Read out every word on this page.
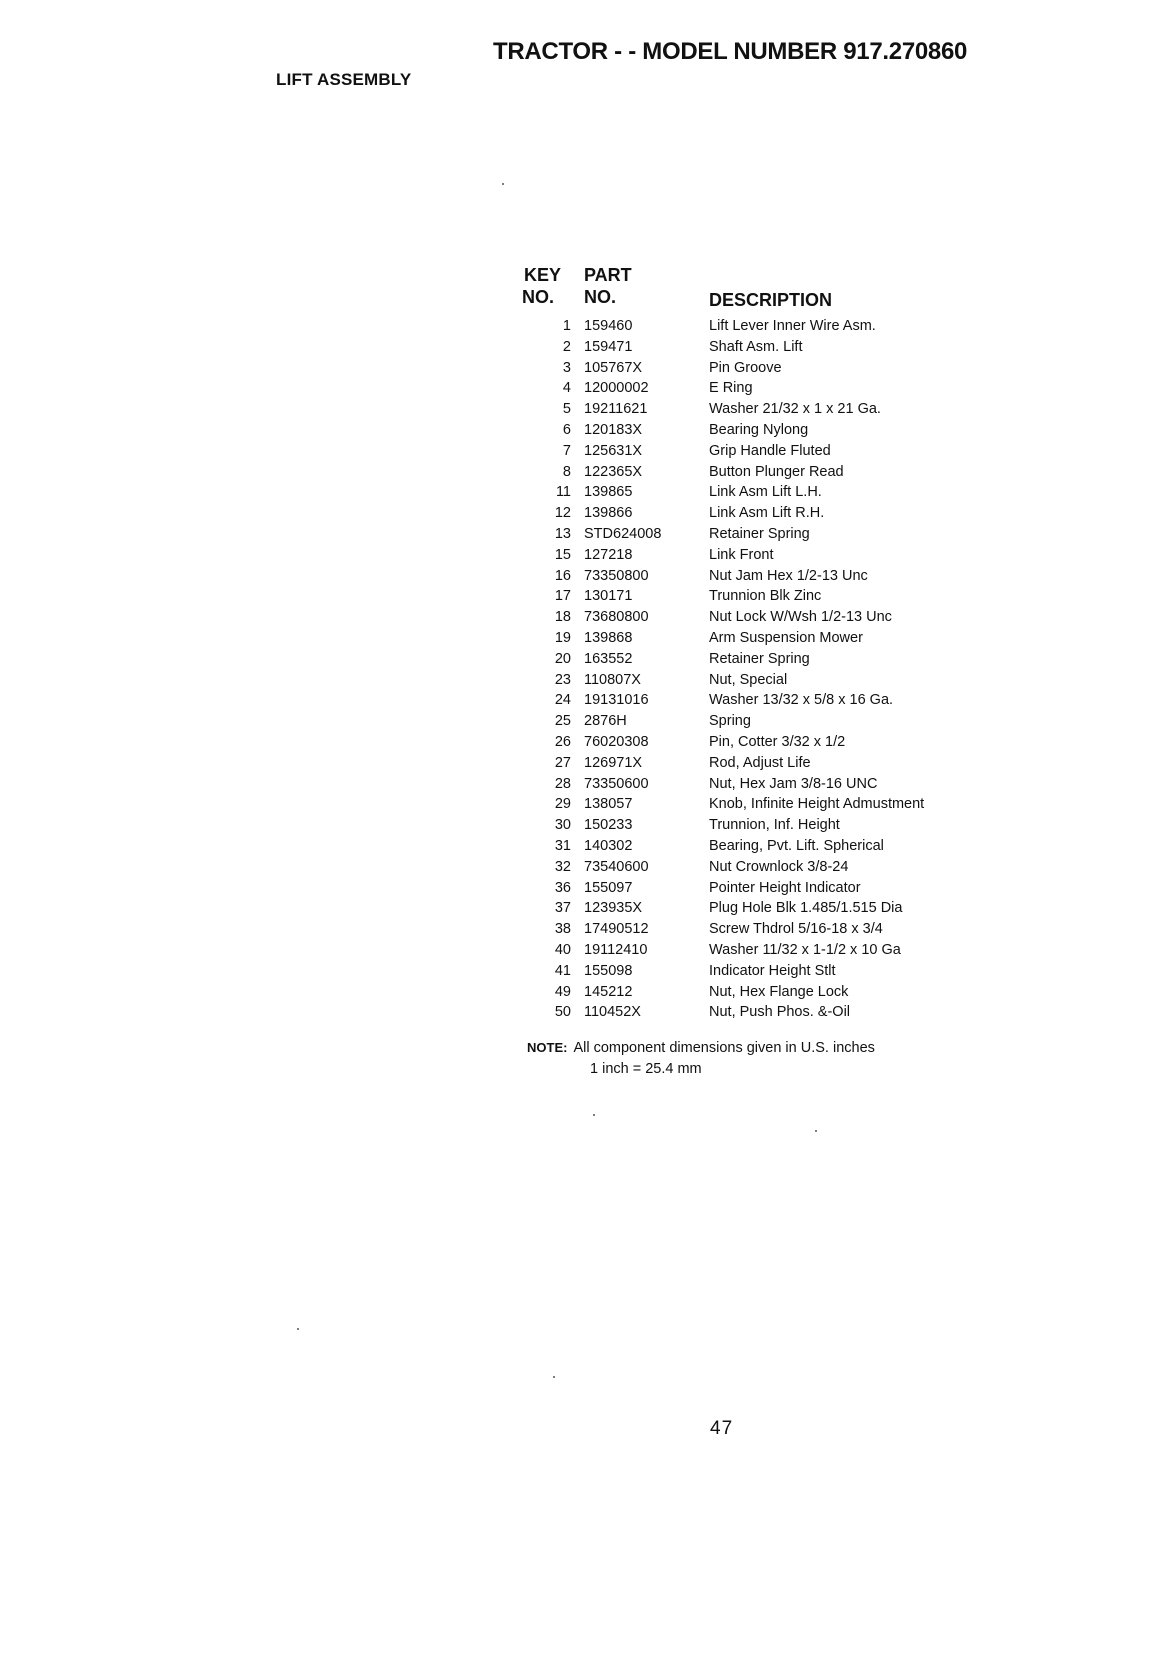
TRACTOR - - MODEL NUMBER 917.270860
LIFT ASSEMBLY
KEY
NO.
PART
NO.	DESCRIPTION
1 159460	Lift Lever Inner Wire Asm.
2 159471	Shaft Asm. Lift
3 105767X	Pin Groove
4 12000002	E Ring
5 19211621	Washer 21/32 x 1 x 21 Ga.
6 120183X	Bearing Nylong
7 125631X	Grip Handle Fluted
8 122365X	Button Plunger Read
11 139865	Link Asm Lift L.H.
12 139866	Link Asm Lift R.H.
13 STD624008	Retainer Spring
15 127218	Link Front
16 73350800	Nut Jam Hex 1/2-13 Unc
17 130171	Trunnion Blk Zinc
18 73680800	Nut Lock W/Wsh 1/2-13 Unc
19 139868	Arm Suspension Mower
20 163552	Retainer Spring
23 110807X	Nut, Special
24 19131016	Washer 13/32 x 5/8 x 16 Ga.
25 2876H	Spring
26 76020308	Pin, Cotter 3/32 x 1/2
27 126971X	Rod, Adjust Life
28 73350600	Nut, Hex Jam 3/8-16 UNC
29 138057	Knob, Infinite Height Admustment
30 150233	Trunnion, Inf. Height
31 140302	Bearing, Pvt. Lift. Spherical
32 73540600	Nut Crownlock 3/8-24
36 155097	Pointer Height Indicator
37 123935X	Plug Hole Blk 1.485/1.515 Dia
38 17490512	Screw Thdrol 5/16-18 x 3/4
40 19112410	Washer 11/32 x 1-1/2 x 10 Ga
41 155098	Indicator Height Stlt
49 145212	Nut, Hex Flange Lock
50 110452X	Nut, Push Phos. &-Oil
NOTE: All component dimensions given in U.S. inches
1 inch = 25.4 mm
47
